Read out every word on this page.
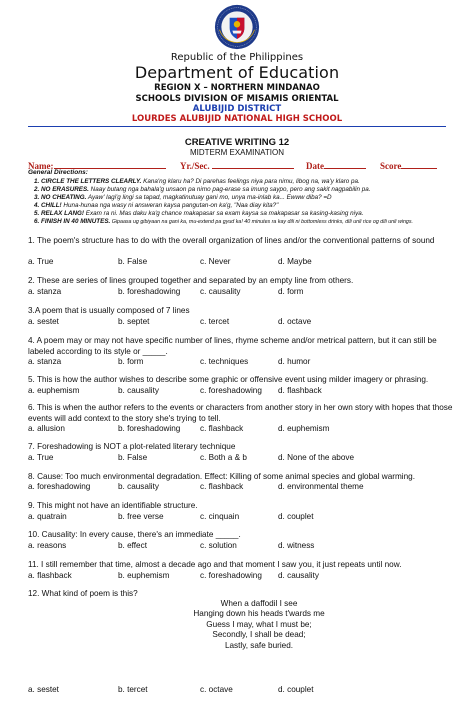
Republic of the Philippines
Department of Education
REGION X – NORTHERN MINDANAO
SCHOOLS DIVISION OF MISAMIS ORIENTAL
ALUBIJID DISTRICT
LOURDES ALUBIJID NATIONAL HIGH SCHOOL
CREATIVE WRITING 12
MIDTERM EXAMINATION
Name:	Yr./Sec.	Date	Score
General Directions:
1. CIRCLE THE LETTERS CLEARLY. Kana'ng klaru ha? Di parehas feelings niya para nimu, libog na, wa'y klaro pa.
2. NO ERASURES. Naay butang nga bahala'g unsaon pa nimo pag-erase sa imung saypo, pero ang sakit nagpabilin pa.
3. NO CHEATING. Ayaw' lagi'g lingi sa tapad, magkatinutuay gani mo, unya ma-inlab ka... Ewww diba? =D
4. CHILL! Huna-hunaa nga wasy ni answeran kaysa pangutan-on ka'g, "Naa diay kita?"
5. RELAX LANG! Exam ra ni. Mas daku ka'g chance makapasar sa exam kaysa sa makapasar sa kasing-kasing niya.
6. FINISH IN 40 MINUTES. Gipaasa ug gibiyaan na gani ka, mu-extend pa gyud ka! 40 minutes ra kay dili ni bottomless drinks, dili unli rice og dili unli wings.
1. The poem's structure has to do with the overall organization of lines and/or the conventional patterns of sound
a. True	b. False	c. Never	d. Maybe
2. These are series of lines grouped together and separated by an empty line from others.
a. stanza	b. foreshadowing c. causality	d. form
3.A poem that is usually composed of 7 lines
a. sestet	b. septet	c. tercet	d. octave
4. A poem may or may not have specific number of lines, rhyme scheme and/or metrical pattern, but it can still be labeled according to its style or _____.
a. stanza	b. form	c. techniques	d. humor
5. This is how the author wishes to describe some graphic or offensive event using milder imagery or phrasing.
a. euphemism	b. causality	c. foreshadowing d. flashback
6. This is when the author refers to the events or characters from another story in her own story with hopes that those events will add context to the story she's trying to tell.
a. allusion	b. foreshadowing c. flashback	d. euphemism
7. Foreshadowing is NOT a plot-related literary technique
a. True	b. False	c. Both a & b	d. None of the above
8. Cause: Too much environmental degradation. Effect: Killing of some animal species and global warming.
a. foreshadowing	b. causality	c. flashback	d. environmental theme
9. This might not have an identifiable structure.
a. quatrain	b. free verse	c. cinquain	d. couplet
10. Causality: In every cause, there's an immediate _____.
a. reasons	b. effect	c. solution	d. witness
11. I still remember that time, almost a decade ago and that moment I saw you, it just repeats until now.
a. flashback	b. euphemism	c. foreshadowing d. causality
12. What kind of poem is this?
When a daffodil I see
Hanging down his heads t'wards me
Guess I may, what I must be;
Secondly, I shall be dead;
Lastly, safe buried.
a. sestet	b. tercet	c. octave	d. couplet
